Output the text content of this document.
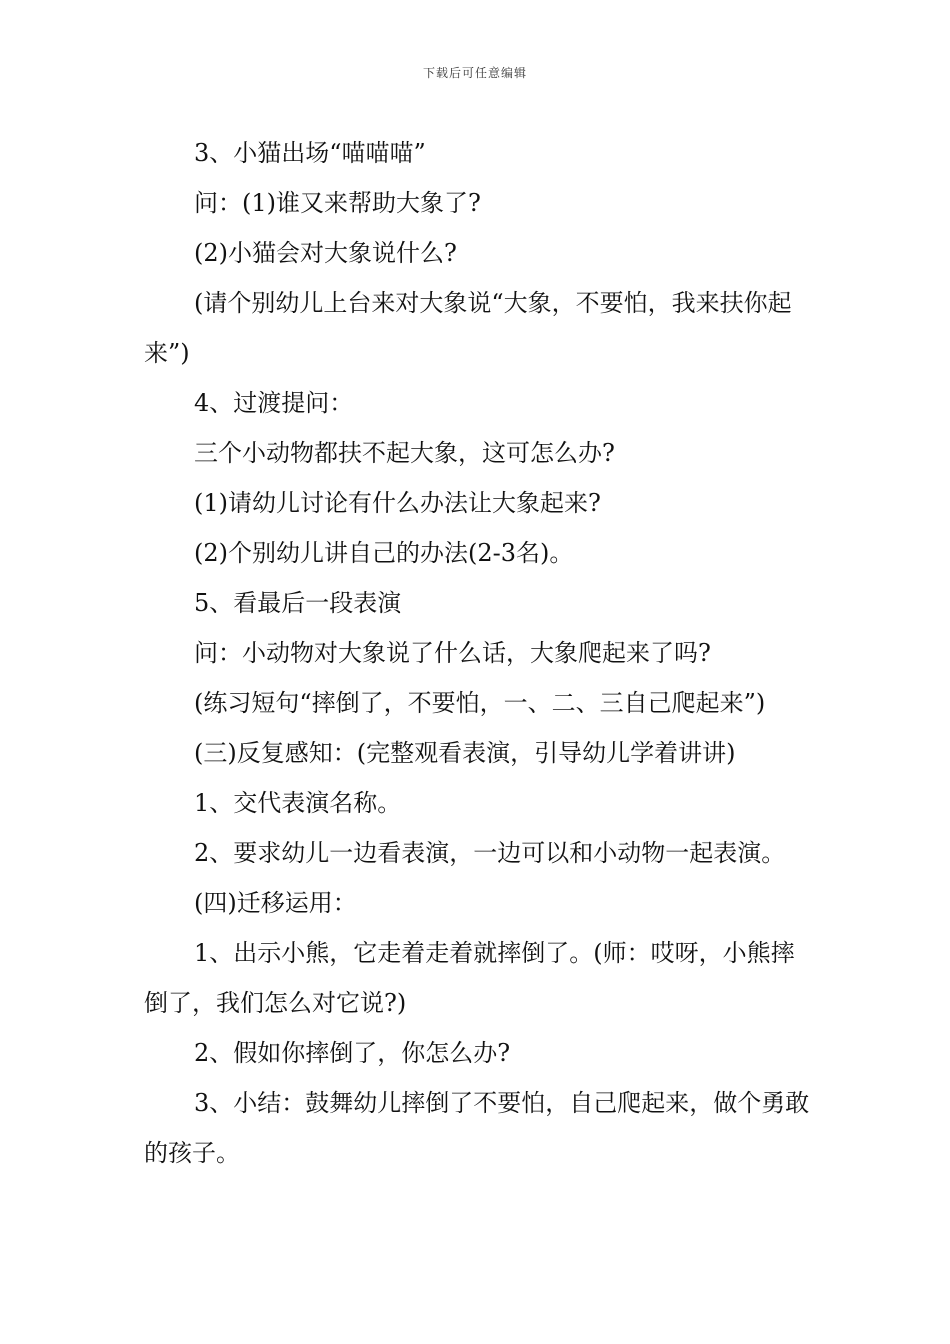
下载后可任意编辑

3、小猫出场“喵喵喵”

问：(1)谁又来帮助大象了?

(2)小猫会对大象说什么?

(请个别幼儿上台来对大象说“大象，不要怕，我来扶你起来”)

4、过渡提问：

三个小动物都扶不起大象，这可怎么办?

(1)请幼儿讨论有什么办法让大象起来?

(2)个别幼儿讲自己的办法(2-3名)。

5、看最后一段表演

问：小动物对大象说了什么话，大象爬起来了吗?

(练习短句“摔倒了，不要怕，一、二、三自己爬起来”)

(三)反复感知：(完整观看表演，引导幼儿学着讲讲)

1、交代表演名称。

2、要求幼儿一边看表演，一边可以和小动物一起表演。

(四)迁移运用：

1、出示小熊，它走着走着就摔倒了。(师：哎呀，小熊摔倒了，我们怎么对它说?)

2、假如你摔倒了，你怎么办?

3、小结：鼓舞幼儿摔倒了不要怕，自己爬起来，做个勇敢的孩子。
